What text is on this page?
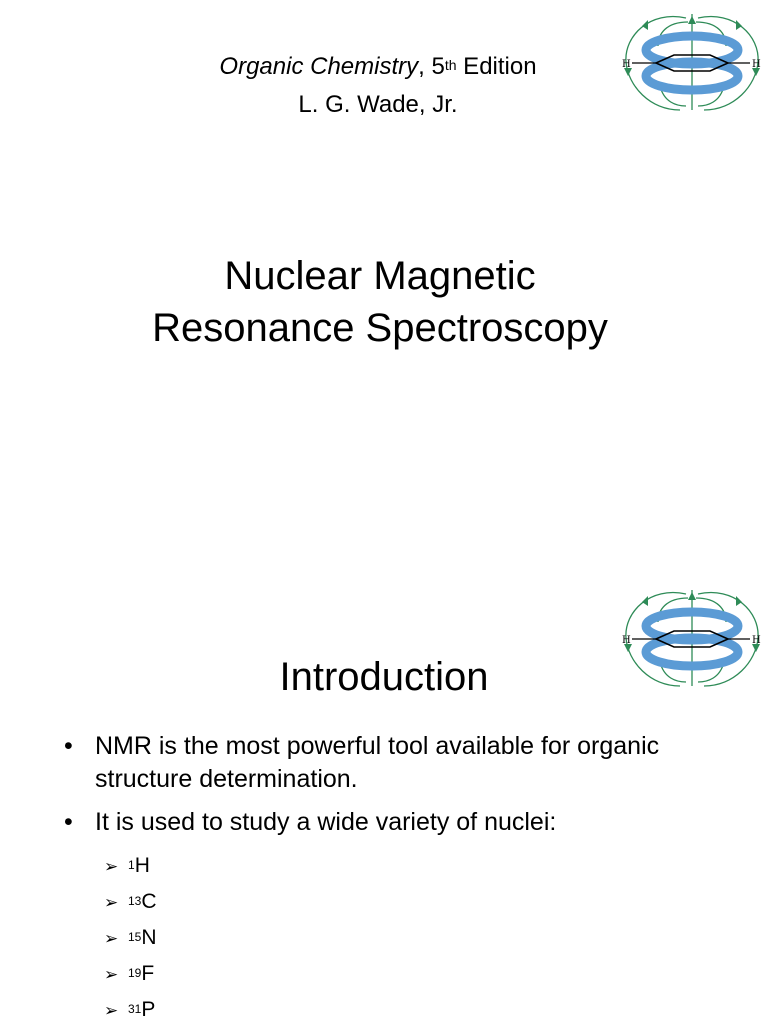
Organic Chemistry, 5th Edition
L. G. Wade, Jr.
Nuclear Magnetic
Resonance Spectroscopy
H	H
Introduction
• NMR is the most powerful tool available for organic structure determination.
• It is used to study a wide variety of nuclei:
➢ $^1$H
➢ $^{13}$C
➢ $^{15}$N
➢ $^{19}$F
➢ $^{31}$P
H	H
